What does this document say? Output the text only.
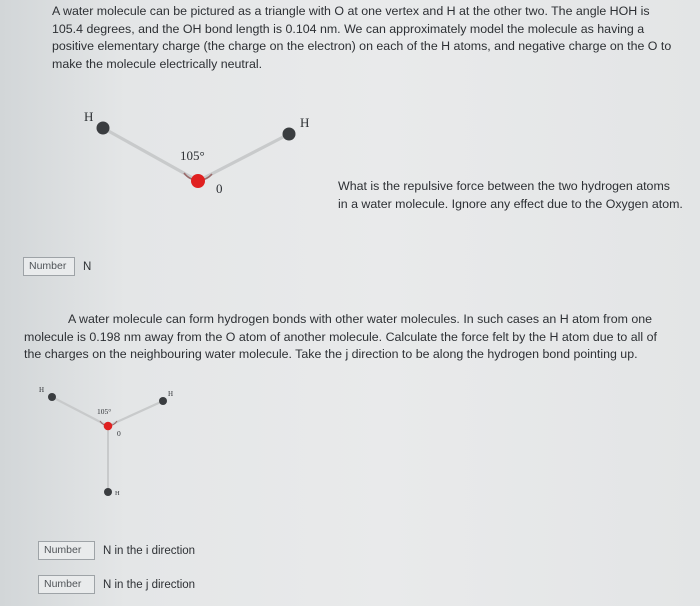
A water molecule can be pictured as a triangle with O at one vertex and H at the other two. The angle HOH is 105.4 degrees, and the OH bond length is 0.104 nm. We can approximately model the molecule as having a positive elementary charge (the charge on the electron) on each of the H atoms, and negative charge on the O to make the molecule electrically neutral.

H	H
0
105°

What is the repulsive force between the two hydrogen atoms in a water molecule. Ignore any effect due to the Oxygen atom.

Number	N

A water molecule can form hydrogen bonds with other water molecules. In such cases an H atom from one molecule is 0.198 nm away from the O atom of another molecule. Calculate the force felt by the H atom due to all of the charges on the neighbouring water molecule. Take the j direction to be along the hydrogen bond pointing up.

H	H
0
H
105°
Number	N in the i direction
Number	N in the j direction
